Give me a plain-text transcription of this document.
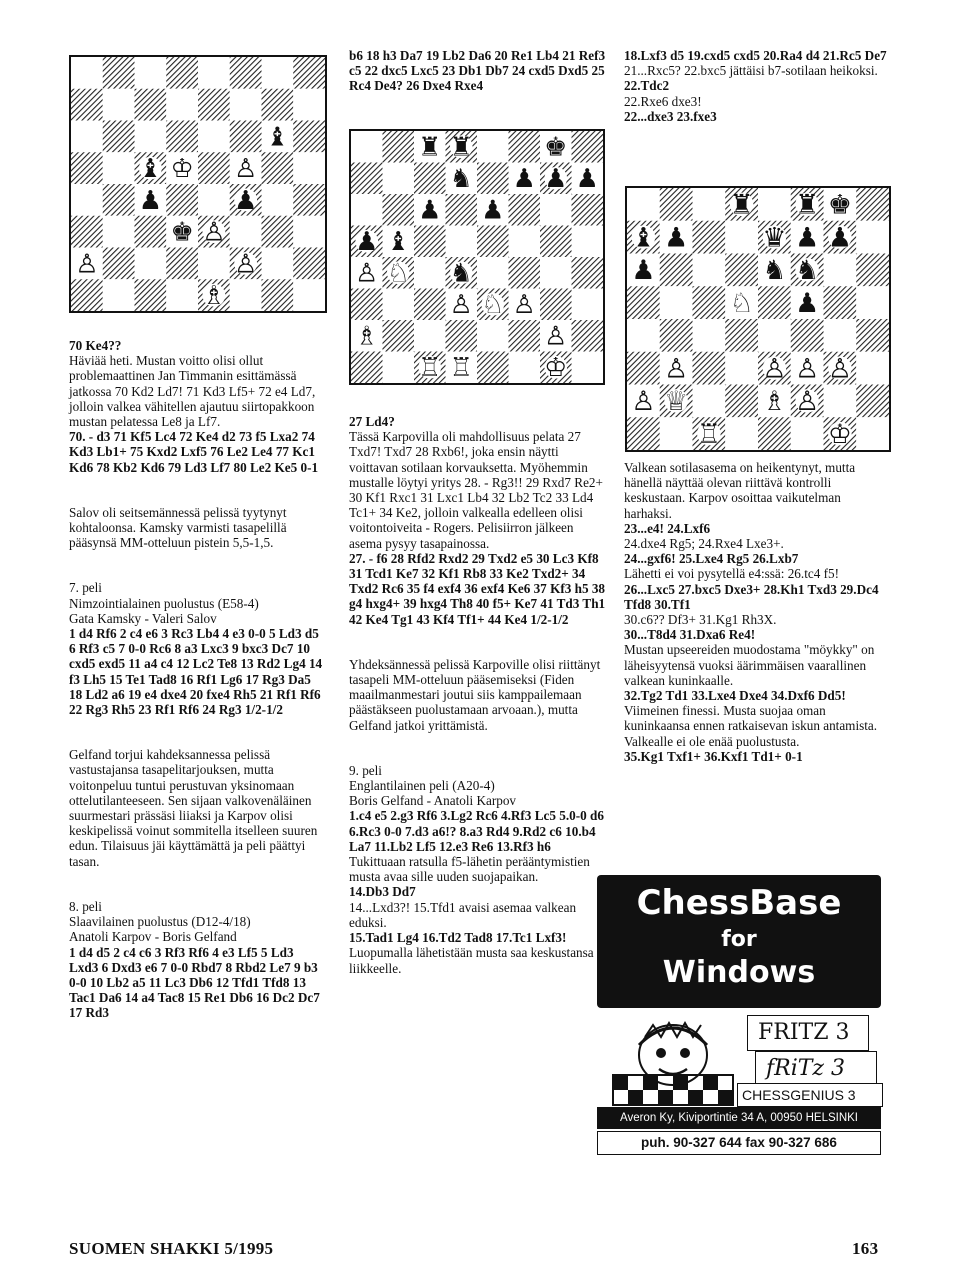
♝
♝ ♔ ♙
♟	♟
♚ ♙
♙	♙
♗
♜ ♜	♚
♞ ♟ ♟ ♟
♟ ♟
♟ ♝
♙ ♘ ♞
♙ ♘ ♙
♗	♙
♖ ♖	♔
♜ ♜ ♚
♝ ♟	♛ ♟ ♟
♟	♞ ♞
♘ ♟
♙	♙ ♙ ♙
♙ ♕	♗ ♙
♖	♔

70 Ke4??

Häviää heti. Mustan voitto olisi ollut problemaattinen Jan Timmanin esittämässä jatkossa 70 Kd2 Ld7! 71 Kd3 Lf5+ 72 e4 Ld7, jolloin valkea vähitellen ajautuu siirtopakkoon mustan pelatessa Le8 ja Lf7.

70. - d3 71 Kf5 Lc4 72 Ke4 d2 73 f5 Lxa2 74 Kd3 Lb1+ 75 Kxd2 Lxf5 76 Le2 Le4 77 Kc1 Kd6 78 Kb2 Kd6 79 Ld3 Lf7 80 Le2 Ke5 0-1

Salov oli seitsemännessä pelissä tyytynyt kohtaloonsa. Kamsky varmisti tasapelillä pääsynsä MM-otteluun pistein 5,5-1,5.

7. peli

Nimzointialainen puolustus (E58-4)

Gata Kamsky - Valeri Salov

1 d4 Rf6 2 c4 e6 3 Rc3 Lb4 4 e3 0-0 5 Ld3 d5 6 Rf3 c5 7 0-0 Rc6 8 a3 Lxc3 9 bxc3 Dc7 10 cxd5 exd5 11 a4 c4 12 Lc2 Te8 13 Rd2 Lg4 14 f3 Lh5 15 Te1 Tad8 16 Rf1 Lg6 17 Rg3 Da5 18 Ld2 a6 19 e4 dxe4 20 fxe4 Rh5 21 Rf1 Rf6 22 Rg3 Rh5 23 Rf1 Rf6 24 Rg3 1/2-1/2

Gelfand torjui kahdeksannessa pelissä vastustajansa tasapelitarjouksen, mutta voitonpeluu tuntui perustuvan yksinomaan ottelutilanteeseen. Sen sijaan valkovenäläinen suurmestari prässäsi liiaksi ja Karpov olisi keskipelissä voinut sommitella itselleen suuren edun. Tilaisuus jäi käyttämättä ja peli päättyi tasan.

8. peli

Slaavilainen puolustus (D12-4/18)

Anatoli Karpov - Boris Gelfand

1 d4 d5 2 c4 c6 3 Rf3 Rf6 4 e3 Lf5 5 Ld3 Lxd3 6 Dxd3 e6 7 0-0 Rbd7 8 Rbd2 Le7 9 b3 0-0 10 Lb2 a5 11 Lc3 Db6 12 Tfd1 Tfd8 13 Tac1 Da6 14 a4 Tac8 15 Re1 Db6 16 Dc2 Dc7 17 Rd3

b6 18 h3 Da7 19 Lb2 Da6 20 Re1 Lb4 21 Ref3 c5 22 dxc5 Lxc5 23 Db1 Db7 24 cxd5 Dxd5 25 Rc4 De4? 26 Dxe4 Rxe4

27 Ld4?

Tässä Karpovilla oli mahdollisuus pelata 27 Txd7! Txd7 28 Rxb6!, joka ensin näytti voittavan sotilaan korvauksetta. Myöhemmin mustalle löytyi yritys 28. - Rg3!! 29 Rxd7 Re2+ 30 Kf1 Rxc1 31 Lxc1 Lb4 32 Lb2 Tc2 33 Ld4 Tc1+ 34 Ke2, jolloin valkealla edelleen olisi voitontoiveita - Rogers. Pelisiirron jälkeen asema pysyy tasapainossa.

27. - f6 28 Rfd2 Rxd2 29 Txd2 e5 30 Lc3 Kf8 31 Tcd1 Ke7 32 Kf1 Rb8 33 Ke2 Txd2+ 34 Txd2 Rc6 35 f4 exf4 36 exf4 Ke6 37 Kf3 h5 38 g4 hxg4+ 39 hxg4 Th8 40 f5+ Ke7 41 Td3 Th1 42 Ke4 Tg1 43 Kf4 Tf1+ 44 Ke4 1/2-1/2

Yhdeksännessä pelissä Karpoville olisi riittänyt tasapeli MM-otteluun pääsemiseksi (Fiden maailmanmestari joutui siis kamppailemaan päästäkseen puolustamaan arvoaan.), mutta Gelfand jatkoi yrittämistä.

9. peli

Englantilainen peli (A20-4)

Boris Gelfand - Anatoli Karpov

1.c4 e5 2.g3 Rf6 3.Lg2 Rc6 4.Rf3 Lc5 5.0-0 d6 6.Rc3 0-0 7.d3 a6!? 8.a3 Rd4 9.Rd2 c6 10.b4 La7 11.Lb2 Lf5 12.e3 Re6 13.Rf3 h6

Tukittuaan ratsulla f5-lähetin perääntymistien musta avaa sille uuden suojapaikan.

14.Db3 Dd7

14...Lxd3?! 15.Tfd1 avaisi asemaa valkean eduksi.

15.Tad1 Lg4 16.Td2 Tad8 17.Tc1 Lxf3!

Luopumalla lähetistään musta saa keskustansa liikkeelle.

18.Lxf3 d5 19.cxd5 cxd5 20.Ra4 d4 21.Rc5 De7

21...Rxc5? 22.bxc5 jättäisi b7-sotilaan heikoksi.

22.Tdc2

22.Rxe6 dxe3!

22...dxe3 23.fxe3

Valkean sotilasasema on heikentynyt, mutta hänellä näyttää olevan riittävä kontrolli keskustaan. Karpov osoittaa vaikutelman harhaksi.

23...e4! 24.Lxf6

24.dxe4 Rg5; 24.Rxe4 Lxe3+.

24...gxf6! 25.Lxe4 Rg5 26.Lxb7

Lähetti ei voi pysytellä e4:ssä: 26.tc4 f5!

26...Lxc5 27.bxc5 Dxe3+ 28.Kh1 Txd3 29.Dc4 Tfd8 30.Tf1

30.c6?? Df3+ 31.Kg1 Rh3X.

30...T8d4 31.Dxa6 Re4!

Mustan upseereiden muodostama "möykky" on läheisyytensä vuoksi äärimmäisen vaarallinen valkean kuninkaalle.

32.Tg2 Td1 33.Lxe4 Dxe4 34.Dxf6 Dd5!

Viimeinen finessi. Musta suojaa oman kuninkaansa ennen ratkaisevan iskun antamista. Valkealle ei ole enää puolustusta.

35.Kg1 Txf1+ 36.Kxf1 Td1+ 0-1

ChessBase
for
Windows
FRITZ 3
fRiTz 3
CHESSGENIUS 3
Averon Ky, Kiviportintie 34 A, 00950 HELSINKI
puh. 90-327 644 fax 90-327 686
SUOMEN SHAKKI 5/1995	163
